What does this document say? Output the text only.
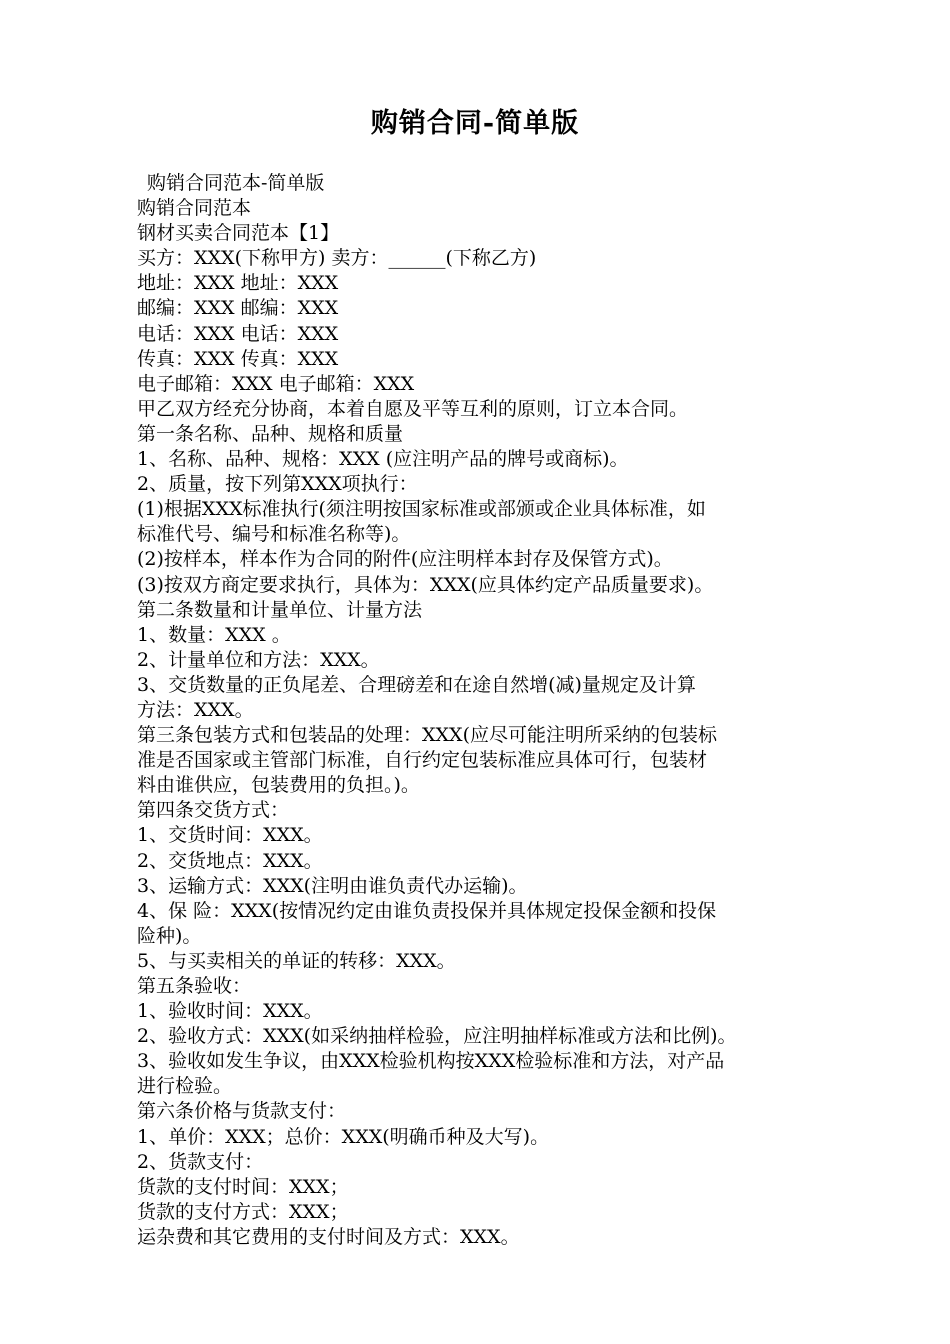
购销合同-简单版

购销合同范本-简单版

购销合同范本

钢材买卖合同范本【1】

买方：XXX(下称甲方) 卖方：______(下称乙方)

地址：XXX 地址：XXX

邮编：XXX 邮编：XXX

电话：XXX 电话：XXX

传真：XXX 传真：XXX

电子邮箱：XXX 电子邮箱：XXX

甲乙双方经充分协商，本着自愿及平等互利的原则，订立本合同。

第一条名称、品种、规格和质量

1、名称、品种、规格：XXX (应注明产品的牌号或商标)。

2、质量，按下列第XXX项执行：

(1)根据XXX标准执行(须注明按国家标准或部颁或企业具体标准，如

标准代号、编号和标准名称等)。

(2)按样本，样本作为合同的附件(应注明样本封存及保管方式)。

(3)按双方商定要求执行，具体为：XXX(应具体约定产品质量要求)。

第二条数量和计量单位、计量方法

1、数量：XXX 。

2、计量单位和方法：XXX。

3、交货数量的正负尾差、合理磅差和在途自然增(减)量规定及计算

方法：XXX。

第三条包装方式和包装品的处理：XXX(应尽可能注明所采纳的包装标

准是否国家或主管部门标准，自行约定包装标准应具体可行，包装材

料由谁供应，包装费用的负担。)。

第四条交货方式：

1、交货时间：XXX。

2、交货地点：XXX。

3、运输方式：XXX(注明由谁负责代办运输)。

4、保 险：XXX(按情况约定由谁负责投保并具体规定投保金额和投保

险种)。

5、与买卖相关的单证的转移：XXX。

第五条验收：

1、验收时间：XXX。

2、验收方式：XXX(如采纳抽样检验，应注明抽样标准或方法和比例)。

3、验收如发生争议，由XXX检验机构按XXX检验标准和方法，对产品

进行检验。

第六条价格与货款支付：

1、单价：XXX；总价：XXX(明确币种及大写)。

2、货款支付：

货款的支付时间：XXX；

货款的支付方式：XXX；

运杂费和其它费用的支付时间及方式：XXX。
